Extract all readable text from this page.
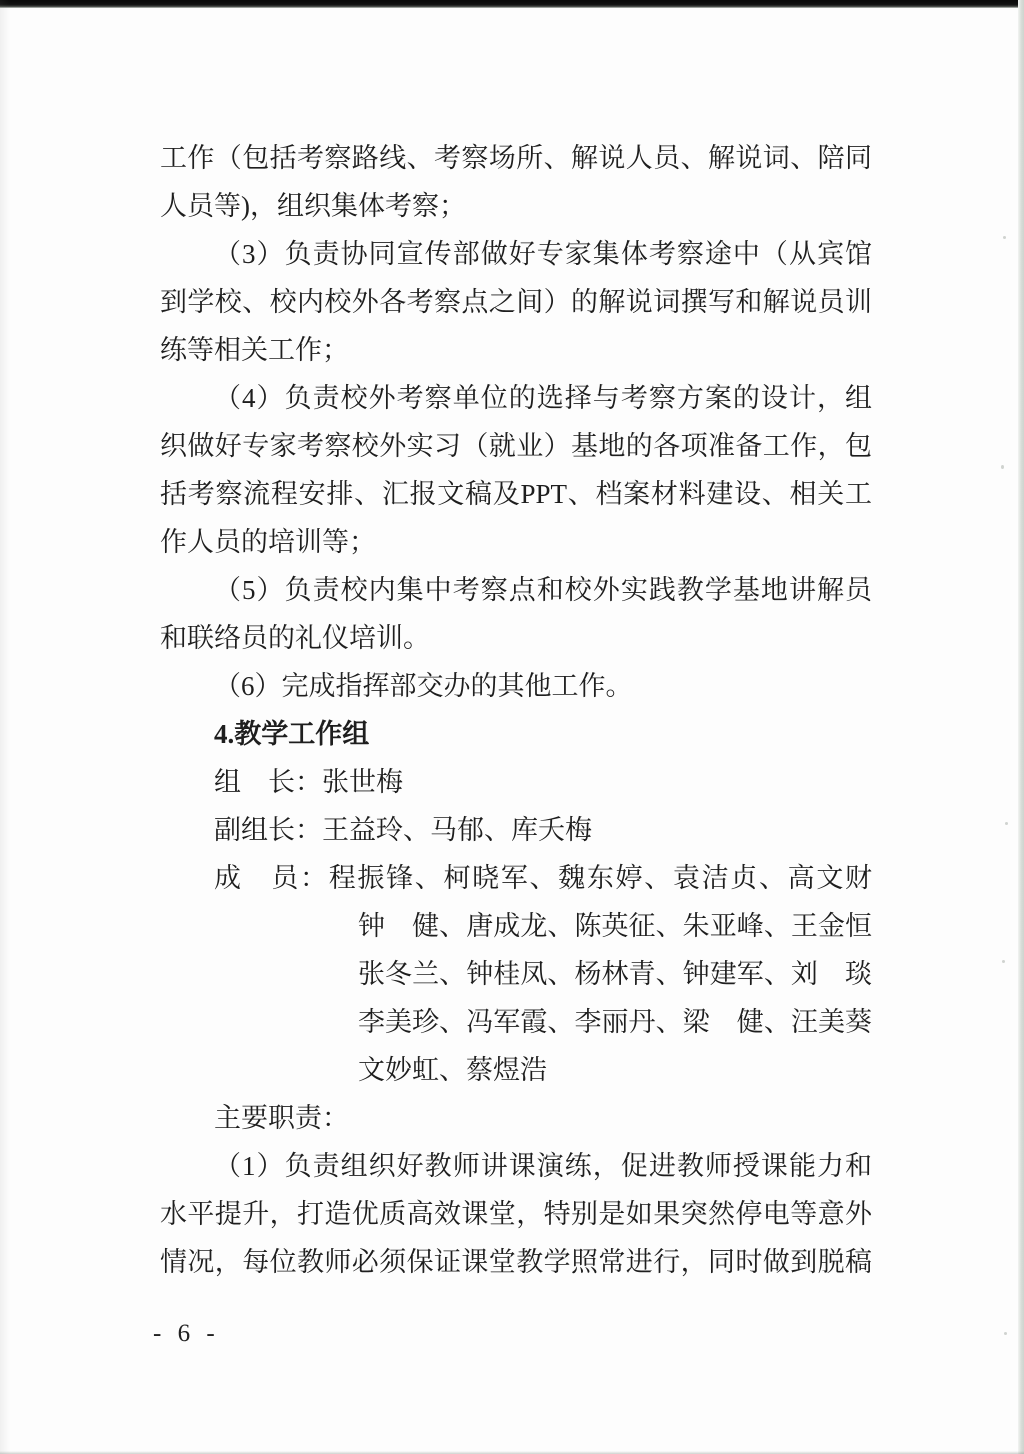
工作（包括考察路线、考察场所、解说人员、解说词、陪同
人员等)，组织集体考察；
（3）负责协同宣传部做好专家集体考察途中（从宾馆
到学校、校内校外各考察点之间）的解说词撰写和解说员训
练等相关工作；
（4）负责校外考察单位的选择与考察方案的设计，组
织做好专家考察校外实习（就业）基地的各项准备工作，包
括考察流程安排、汇报文稿及PPT、档案材料建设、相关工
作人员的培训等；
（5）负责校内集中考察点和校外实践教学基地讲解员
和联络员的礼仪培训。
（6）完成指挥部交办的其他工作。
4.教学工作组
组　长：张世梅
副组长：王益玲、马郁、库夭梅
成　员：程振锋、柯晓军、魏东婷、袁洁贞、高文财
钟　健、唐成龙、陈英征、朱亚峰、王金恒
张冬兰、钟桂凤、杨林青、钟建军、刘　琰
李美珍、冯军霞、李丽丹、梁　健、汪美葵
文妙虹、蔡煜浩
主要职责：
（1）负责组织好教师讲课演练，促进教师授课能力和
水平提升，打造优质高效课堂，特别是如果突然停电等意外
情况，每位教师必须保证课堂教学照常进行，同时做到脱稿
- 6 -
